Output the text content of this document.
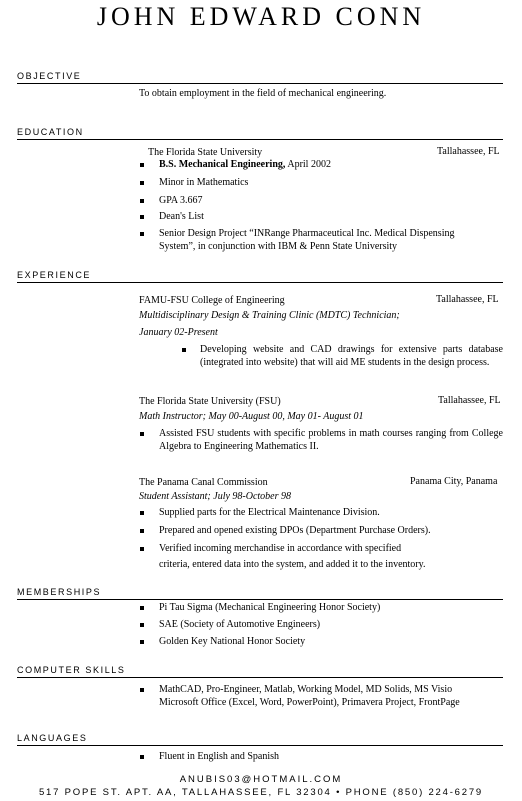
JOHN EDWARD CONN
OBJECTIVE
To obtain employment in the field of mechanical engineering.
EDUCATION
The Florida State University	Tallahassee, FL
B.S. Mechanical Engineering, April 2002
Minor in Mathematics
GPA 3.667
Dean's List
Senior Design Project “INRange Pharmaceutical Inc. Medical Dispensing
System”, in conjunction with IBM & Penn State University
EXPERIENCE
FAMU-FSU College of Engineering	Tallahassee, FL
Multidisciplinary Design & Training Clinic (MDTC) Technician;
January 02-Present
Developing website and CAD drawings for extensive parts database (integrated into website) that will aid ME students in the design process.
The Florida State University (FSU)	Tallahassee, FL
Math Instructor; May 00-August 00, May 01- August 01
Assisted FSU students with specific problems in math courses ranging from College Algebra to Engineering Mathematics II.
The Panama Canal Commission	Panama City, Panama
Student Assistant; July 98-October 98
Supplied parts for the Electrical Maintenance Division.
Prepared and opened existing DPOs (Department Purchase Orders).
Verified incoming merchandise in accordance with specified
criteria, entered data into the system, and added it to the inventory.
MEMBERSHIPS
Pi Tau Sigma (Mechanical Engineering Honor Society)
SAE (Society of Automotive Engineers)
Golden Key National Honor Society
COMPUTER SKILLS
MathCAD, Pro-Engineer, Matlab, Working Model, MD Solids, MS Visio
Microsoft Office (Excel, Word, PowerPoint), Primavera Project, FrontPage
LANGUAGES
Fluent in English and Spanish
ANUBIS03@HOTMAIL.COM
517 POPE ST. APT. AA, TALLAHASSEE, FL 32304 • PHONE (850) 224-6279
